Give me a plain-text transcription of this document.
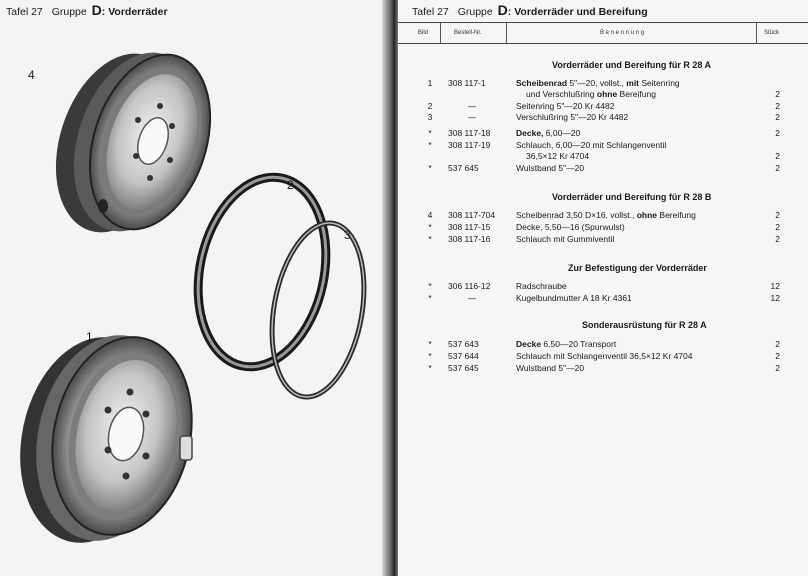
Tafel 27 Gruppe D: Vorderräder
4
2
3
1
Tafel 27 Gruppe D: Vorderräder und Bereifung
Bild	Bestell-Nr.	B e n e n n u n g	Stück
Vorderräder und Bereifung für R 28 A
1	308 117-1	Scheibenrad 5"—20, vollst., mit Seitenring
und Verschlußring ohne Bereifung	2
2	—	Seitenring 5"—20 Kr 4482	2
3	—	Verschlußring 5"—20 Kr 4482	2
*	308 117-18	Decke, 6,00—20	2
*	308 117-19	Schlauch, 6,00—20 mit Schlangenventil
36,5×12 Kr 4704	2
*	537 645	Wulstband 5"—20	2
Vorderräder und Bereifung für R 28 B
4	308 117-704	Scheibenrad 3,50 D×16, vollst., ohne Bereifung	2
*	308 117-15	Decke, 5,50—16 (Spurwulst)	2
*	308 117-16	Schlauch mit Gummiventil	2
Zur Befestigung der Vorderräder
*	306 116-12	Radschraube	12
*	—	Kugelbundmutter A 18 Kr 4361	12
Sonderausrüstung für R 28 A
*	537 643	Decke 6,50—20 Transport	2
*	537 644	Schlauch mit Schlangenventil 36,5×12 Kr 4704	2
*	537 645	Wulstband 5"—20	2
